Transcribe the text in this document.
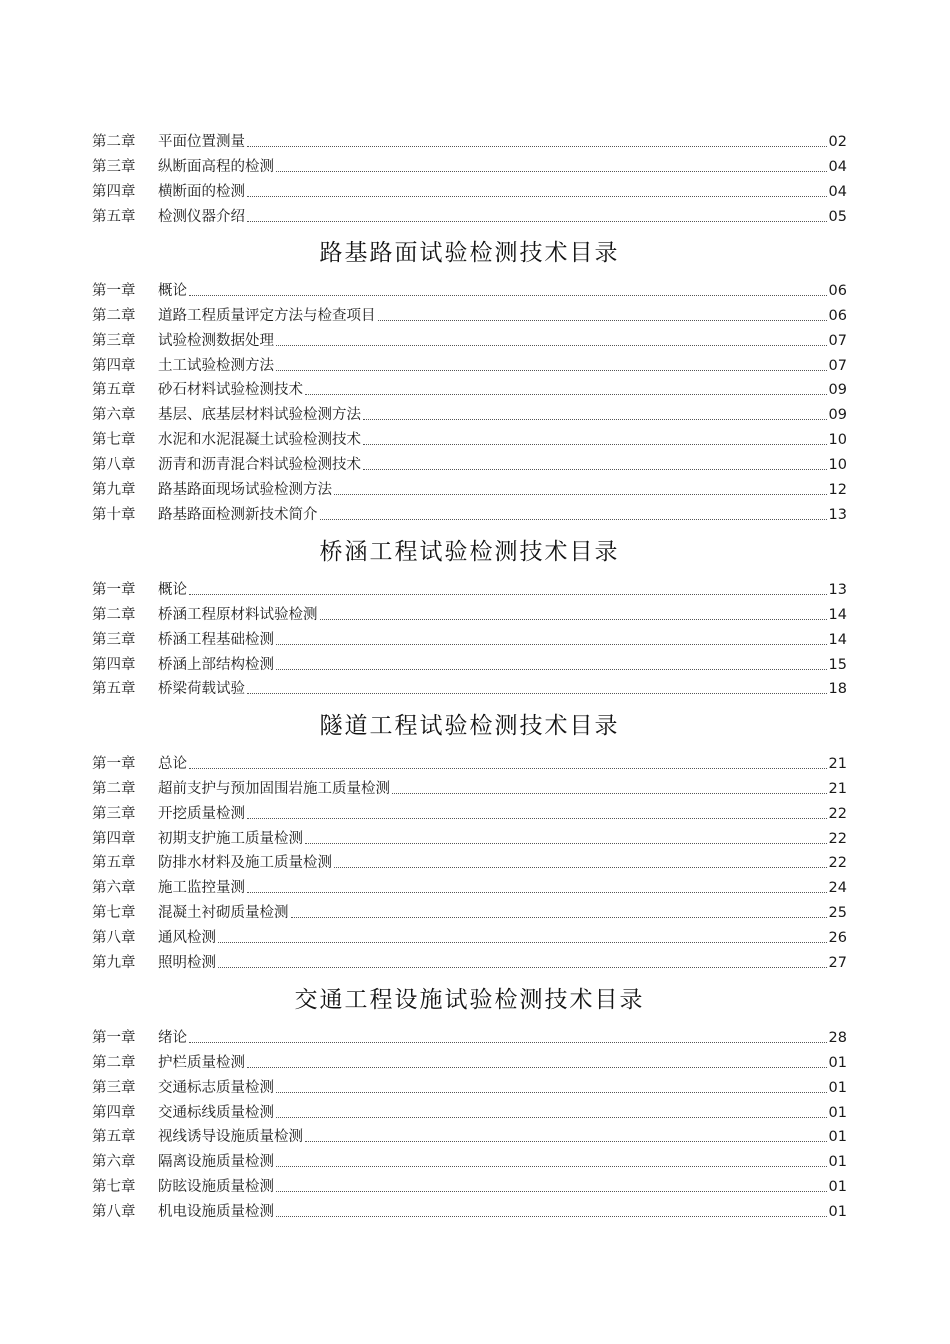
第二章	平面位置测量	02
第三章	纵断面高程的检测	04
第四章	横断面的检测	04
第五章	检测仪器介绍	05
路基路面试验检测技术目录
第一章	概论	06
第二章	道路工程质量评定方法与检查项目	06
第三章	试验检测数据处理	07
第四章	土工试验检测方法	07
第五章	砂石材料试验检测技术	09
第六章	基层、底基层材料试验检测方法	09
第七章	水泥和水泥混凝土试验检测技术	10
第八章	沥青和沥青混合料试验检测技术	10
第九章	路基路面现场试验检测方法	12
第十章	路基路面检测新技术简介	13
桥涵工程试验检测技术目录
第一章	概论	13
第二章	桥涵工程原材料试验检测	14
第三章	桥涵工程基础检测	14
第四章	桥涵上部结构检测	15
第五章	桥梁荷载试验	18
隧道工程试验检测技术目录
第一章	总论	21
第二章	超前支护与预加固围岩施工质量检测	21
第三章	开挖质量检测	22
第四章	初期支护施工质量检测	22
第五章	防排水材料及施工质量检测	22
第六章	施工监控量测	24
第七章	混凝土衬砌质量检测	25
第八章	通风检测	26
第九章	照明检测	27
交通工程设施试验检测技术目录
第一章	绪论	28
第二章	护栏质量检测	01
第三章	交通标志质量检测	01
第四章	交通标线质量检测	01
第五章	视线诱导设施质量检测	01
第六章	隔离设施质量检测	01
第七章	防眩设施质量检测	01
第八章	机电设施质量检测	01
